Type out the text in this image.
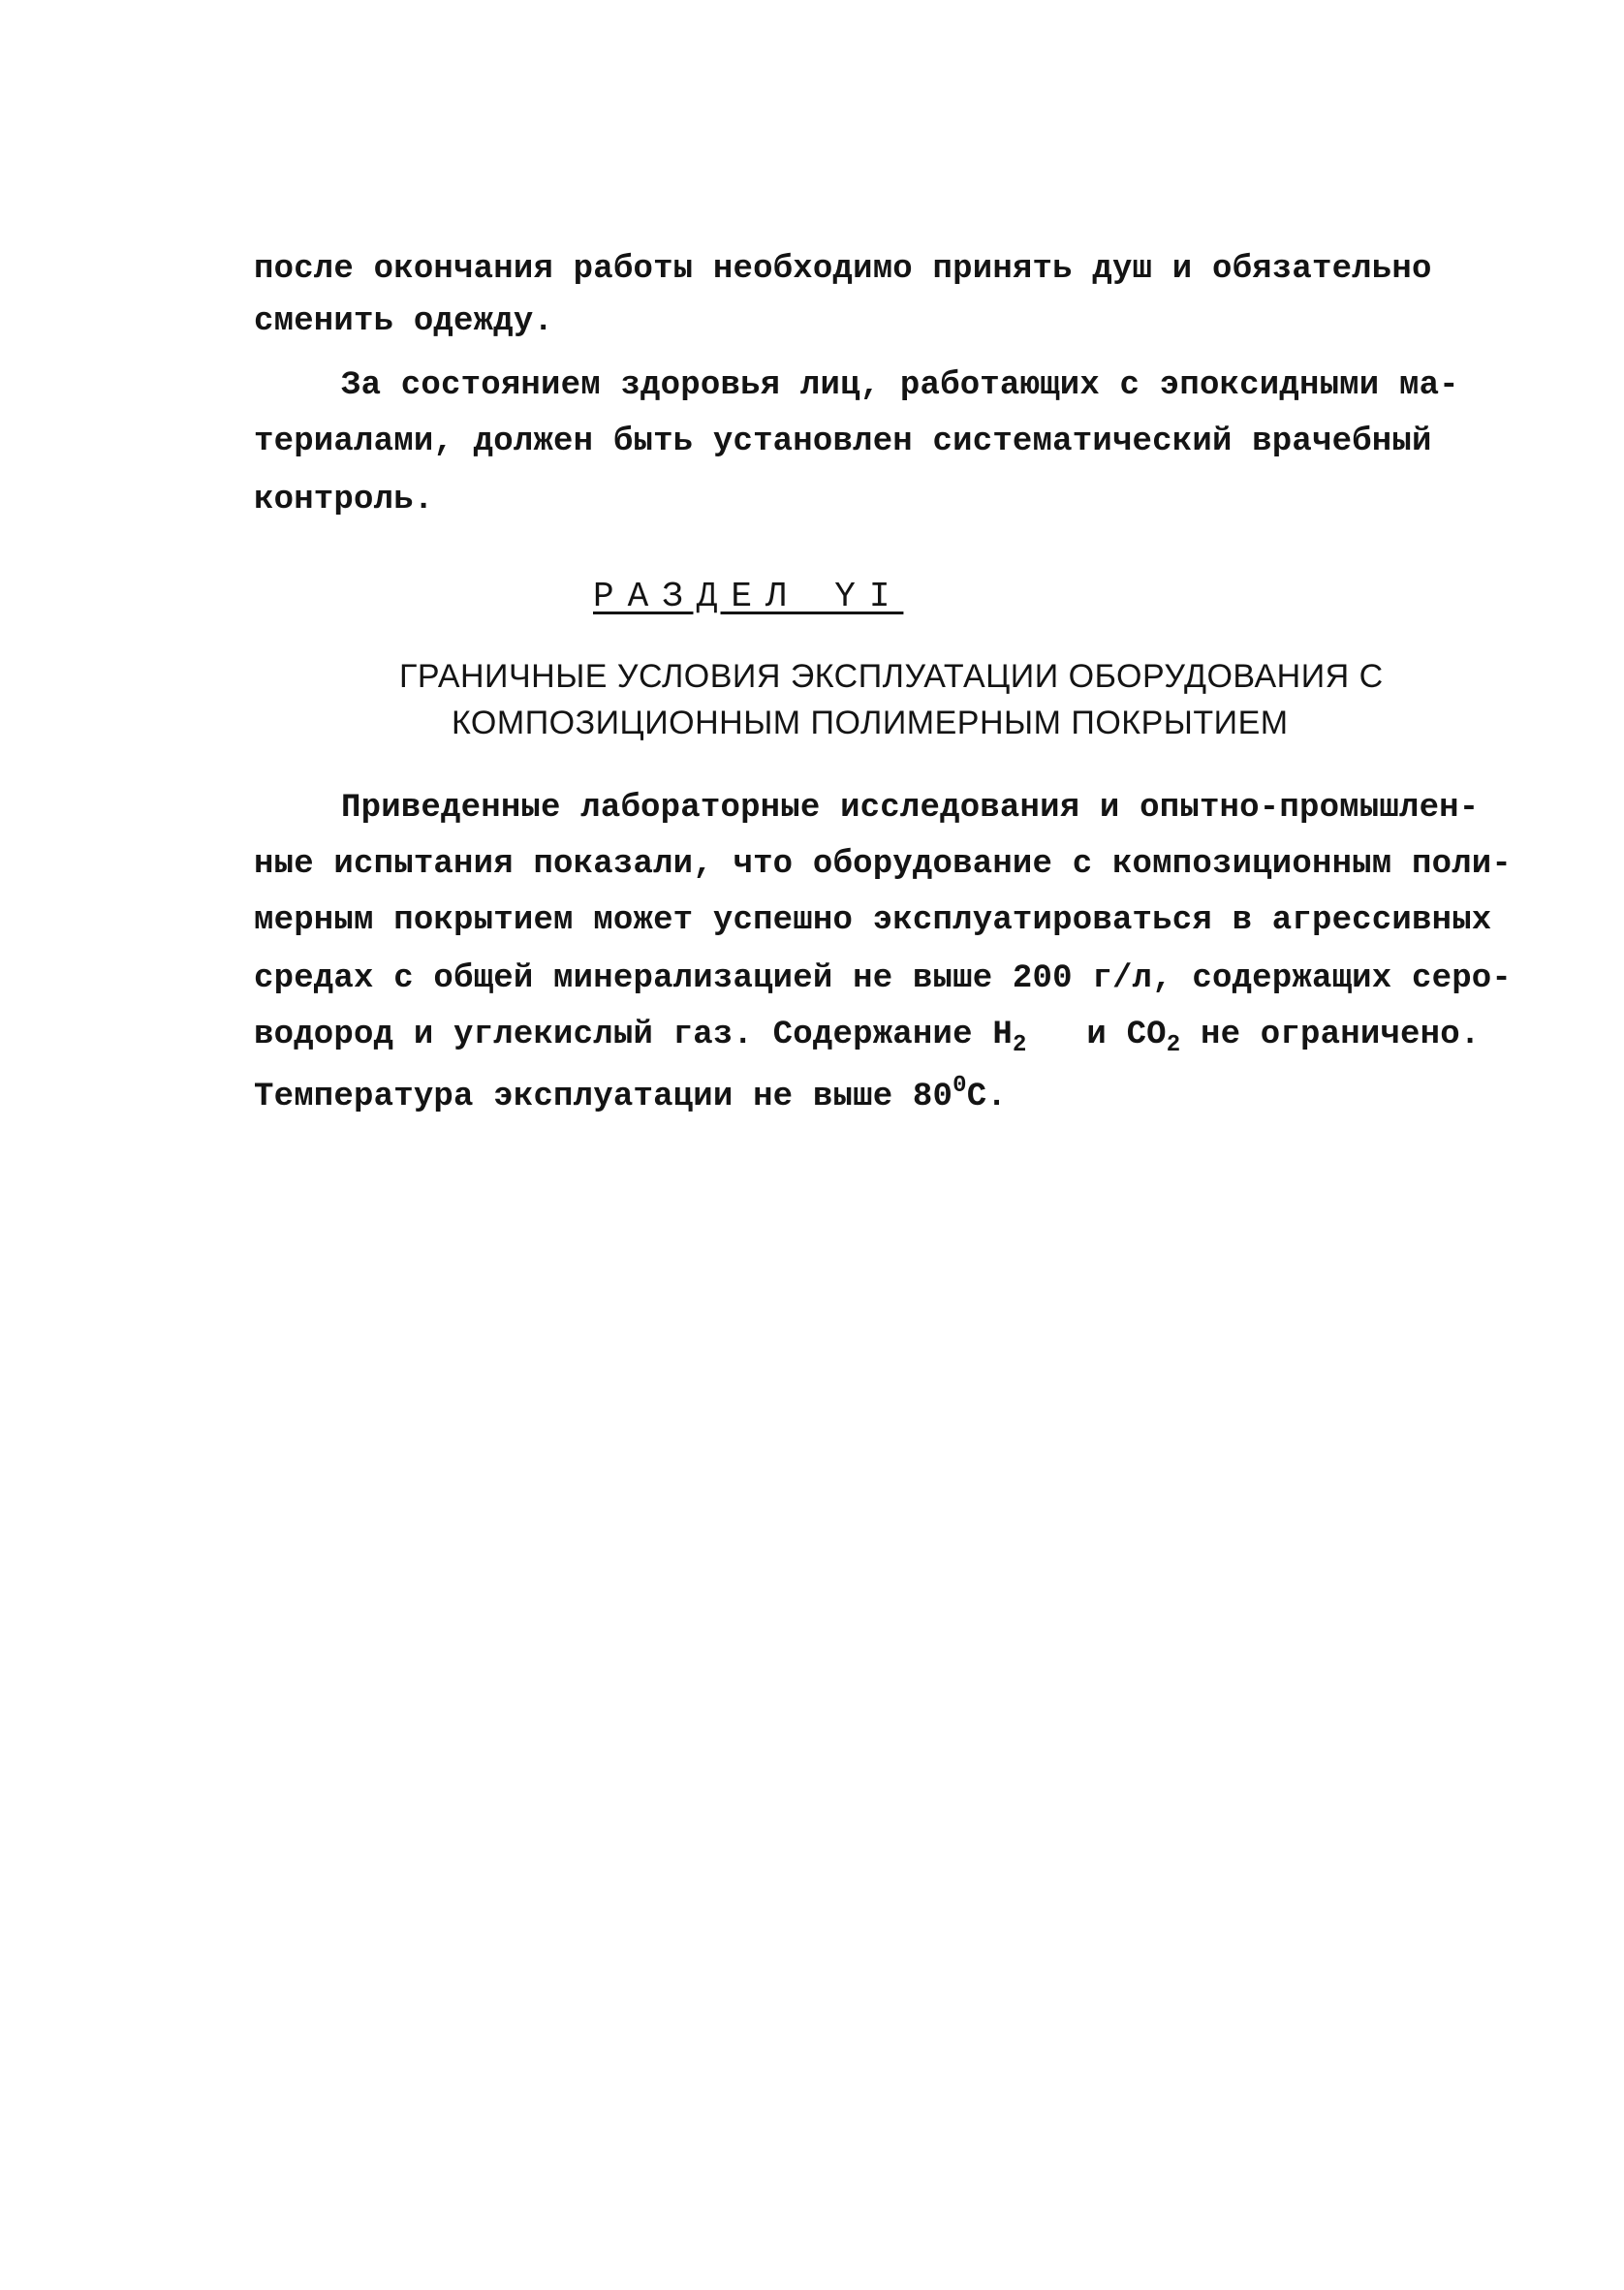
после окончания работы необходимо принять душ и обязательно
сменить одежду.
За состоянием здоровья лиц, работающих с эпоксидными ма-
териалами, должен быть установлен систематический врачебный
контроль.
РАЗДЕЛ YI
ГРАНИЧНЫЕ УСЛОВИЯ ЭКСПЛУАТАЦИИ ОБОРУДОВАНИЯ С
КОМПОЗИЦИОННЫМ ПОЛИМЕРНЫМ ПОКРЫТИЕМ
Приведенные лабораторные исследования и опытно-промышлен-
ные испытания показали, что оборудование с композиционным поли-
мерным покрытием может успешно эксплуатироваться в агрессивных
средах с общей минерализацией не выше 200 г/л, содержащих серо-
водород и углекислый газ. Содержание $H_2$   и $CO_2$ не ограничено.
Температура эксплуатации не выше $80^0С$.
